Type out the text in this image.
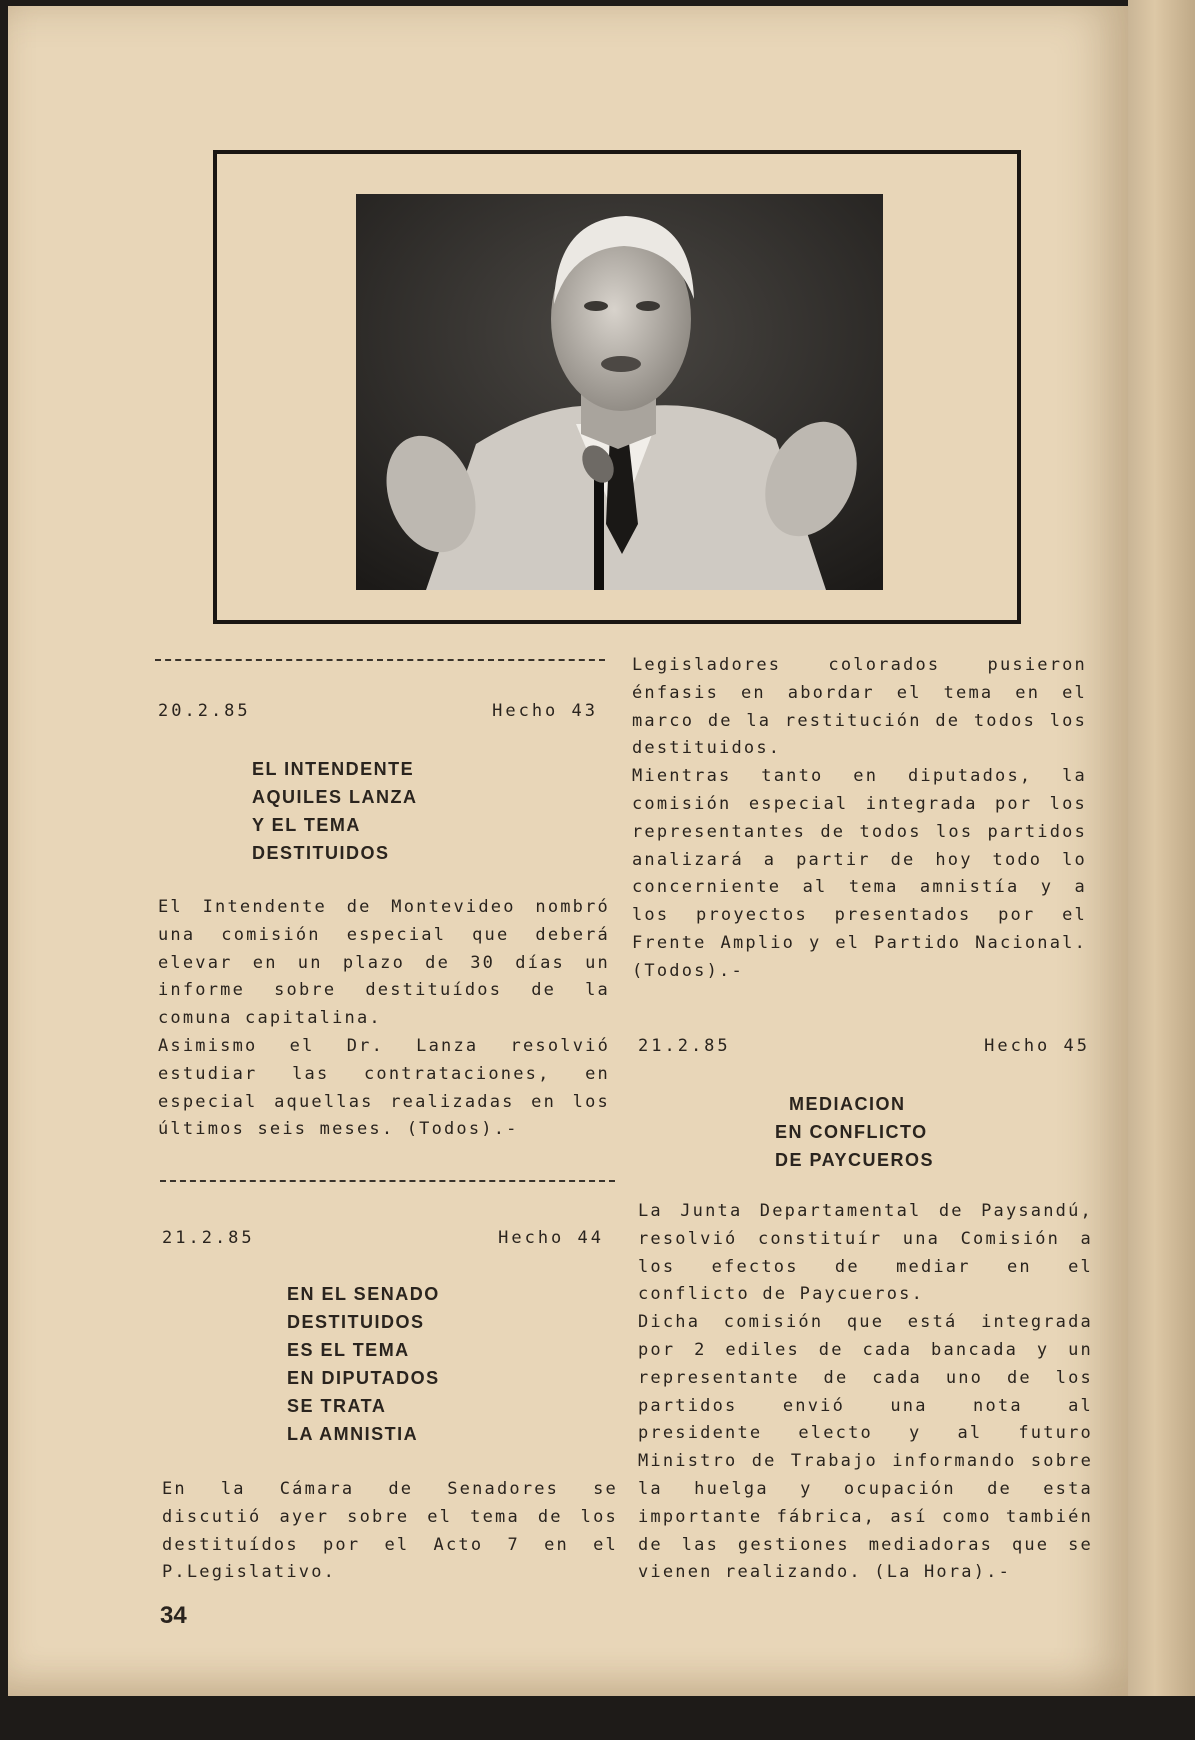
20.2.85	Hecho 43
EL INTENDENTE
AQUILES LANZA
Y EL TEMA
DESTITUIDOS

El Intendente de Montevideo nombró una comisión especial que deberá elevar en un plazo de 30 días un informe sobre destituídos de la comuna capitalina.

Asimismo el Dr. Lanza resolvió estudiar las contrataciones, en especial aquellas realizadas en los últimos seis meses. (Todos).-

21.2.85	Hecho 44
EN EL SENADO
DESTITUIDOS
ES EL TEMA
EN DIPUTADOS
SE TRATA
LA AMNISTIA

En la Cámara de Senadores se discutió ayer sobre el tema de los destituídos por el Acto 7 en el P.Legislativo.

Legisladores colorados pusieron énfasis en abordar el tema en el marco de la restitución de todos los destituidos.

Mientras tanto en diputados, la comisión especial integrada por los representantes de todos los partidos analizará a partir de hoy todo lo concerniente al tema amnistía y a los proyectos presentados por el Frente Amplio y el Partido Nacional. (Todos).-

21.2.85	Hecho 45
MEDIACION
EN CONFLICTO
DE PAYCUEROS

La Junta Departamental de Paysandú, resolvió constituír una Comisión a los efectos de mediar en el conflicto de Paycueros.

Dicha comisión que está integrada por 2 ediles de cada bancada y un representante de cada uno de los partidos envió una nota al presidente electo y al futuro Ministro de Trabajo informando sobre la huelga y ocupación de esta importante fábrica, así como también de las gestiones mediadoras que se vienen realizando. (La Hora).-

34
